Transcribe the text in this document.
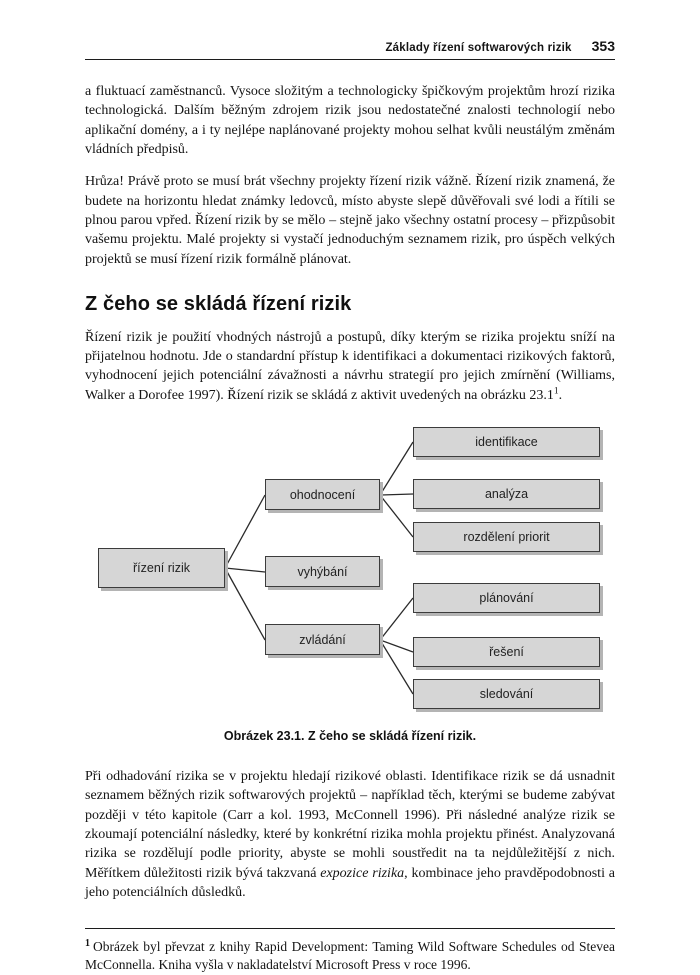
Základy řízení softwarových rizik 353

a fluktuací zaměstnanců. Vysoce složitým a technologicky špičkovým projektům hrozí rizika technologická. Dalším běžným zdrojem rizik jsou nedostatečné znalosti technologií nebo aplikační domény, a i ty nejlépe naplánované projekty mohou selhat kvůli neustálým změnám vládních předpisů.

Hrůza! Právě proto se musí brát všechny projekty řízení rizik vážně. Řízení rizik znamená, že budete na horizontu hledat známky ledovců, místo abyste slepě důvěřovali své lodi a řítili se plnou parou vpřed. Řízení rizik by se mělo – stejně jako všechny ostatní procesy – přizpůsobit vašemu projektu. Malé projekty si vystačí jednoduchým seznamem rizik, pro úspěch velkých projektů se musí řízení rizik formálně plánovat.

Z čeho se skládá řízení rizik

Řízení rizik je použití vhodných nástrojů a postupů, díky kterým se rizika projektu sníží na přijatelnou hodnotu. Jde o standardní přístup k identifikaci a dokumentaci rizikových faktorů, vyhodnocení jejich potenciální závažnosti a návrhu strategií pro jejich zmírnění (Williams, Walker a Dorofee 1997). Řízení rizik se skládá z aktivit uvedených na obrázku 23.1$^1$.

řízení rizik
ohodnocení
vyhýbání
zvládání
identifikace
analýza
rozdělení priorit
plánování
řešení
sledování
Obrázek 23.1. Z čeho se skládá řízení rizik.

Při odhadování rizika se v projektu hledají rizikové oblasti. Identifikace rizik se dá usnadnit seznamem běžných rizik softwarových projektů – například těch, kterými se budeme zabývat později v této kapitole (Carr a kol. 1993, McConnell 1996). Při následné analýze rizik se zkoumají potenciální následky, které by konkrétní rizika mohla projektu přinést. Analyzovaná rizika se rozdělují podle priority, abyste se mohli soustředit na ta nejdůležitější z nich. Měřítkem důležitosti rizik bývá takzvaná expozice rizika, kombinace jeho pravděpodobnosti a jeho potenciálních důsledků.

$^1$ Obrázek byl převzat z knihy Rapid Development: Taming Wild Software Schedules od Stevea McConnella. Kniha vyšla v nakladatelství Microsoft Press v roce 1996.
